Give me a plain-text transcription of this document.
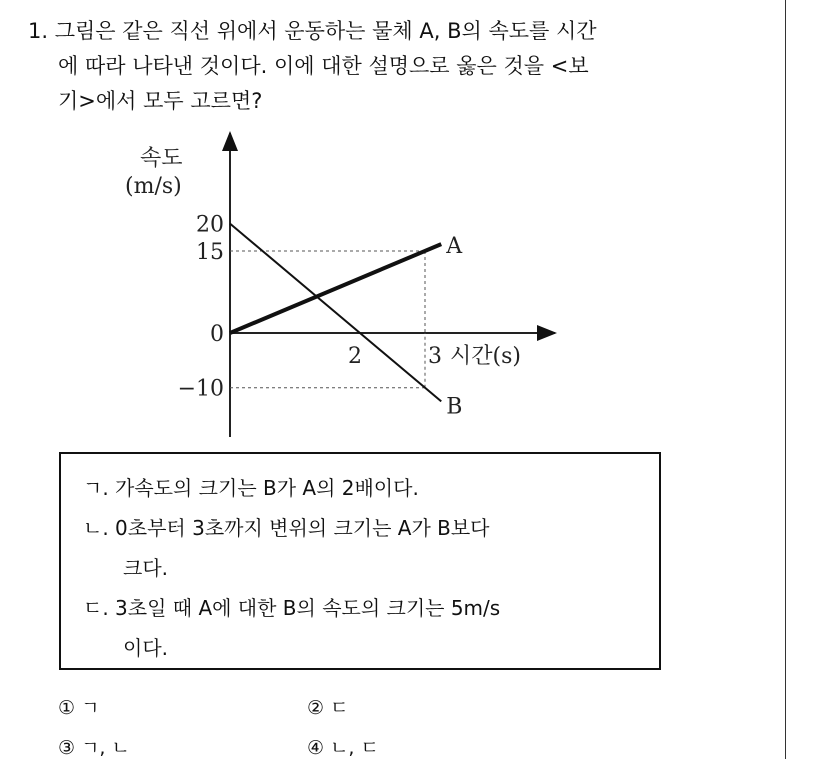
1. 그림은 같은 직선 위에서 운동하는 물체 A, B의 속도를 시간
에 따라 나타낸 것이다. 이에 대한 설명으로 옳은 것을 <보
기>에서 모두 고르면?
속도
(m/s)
A
B
20
15
0
−10
2	3 시간(s)
ㄱ. 가속도의 크기는 B가 A의 2배이다.
ㄴ. 0초부터 3초까지 변위의 크기는 A가 B보다
크다.
ㄷ. 3초일 때 A에 대한 B의 속도의 크기는 5m/s
이다.
① ㄱ	② ㄷ
③ ㄱ, ㄴ	④ ㄴ, ㄷ
